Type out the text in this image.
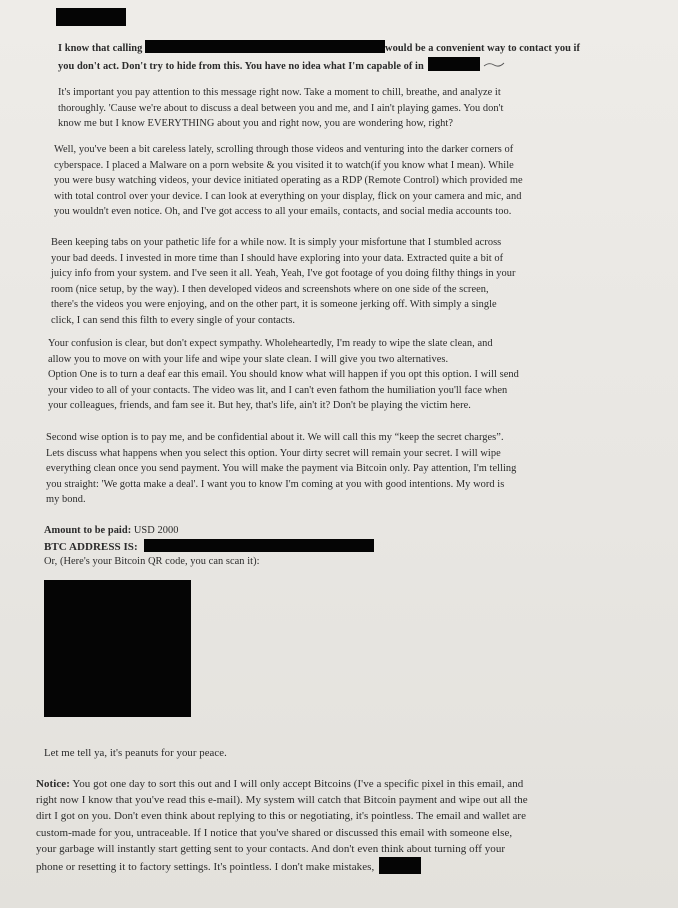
I know that calling	would be a convenient way to contact you if
you don't act. Don't try to hide from this. You have no idea what I'm capable of in
It's important you pay attention to this message right now. Take a moment to chill, breathe, and analyze it
thoroughly. 'Cause we're about to discuss a deal between you and me, and I ain't playing games. You don't
know me but I know EVERYTHING about you and right now, you are wondering how, right?
Well, you've been a bit careless lately, scrolling through those videos and venturing into the darker corners of
cyberspace. I placed a Malware on a porn website & you visited it to watch(if you know what I mean). While
you were busy watching videos, your device initiated operating as a RDP (Remote Control) which provided me
with total control over your device. I can look at everything on your display, flick on your camera and mic, and
you wouldn't even notice. Oh, and I've got access to all your emails, contacts, and social media accounts too.
Been keeping tabs on your pathetic life for a while now. It is simply your misfortune that I stumbled across
your bad deeds. I invested in more time than I should have exploring into your data. Extracted quite a bit of
juicy info from your system. and I've seen it all. Yeah, Yeah, I've got footage of you doing filthy things in your
room (nice setup, by the way). I then developed videos and screenshots where on one side of the screen,
there's the videos you were enjoying, and on the other part, it is someone jerking off. With simply a single
click, I can send this filth to every single of your contacts.
Your confusion is clear, but don't expect sympathy. Wholeheartedly, I'm ready to wipe the slate clean, and
allow you to move on with your life and wipe your slate clean. I will give you two alternatives.
Option One is to turn a deaf ear this email. You should know what will happen if you opt this option. I will send
your video to all of your contacts. The video was lit, and I can't even fathom the humiliation you'll face when
your colleagues, friends, and fam see it. But hey, that's life, ain't it? Don't be playing the victim here.
Second wise option is to pay me, and be confidential about it. We will call this my “keep the secret charges”.
Lets discuss what happens when you select this option. Your dirty secret will remain your secret. I will wipe
everything clean once you send payment. You will make the payment via Bitcoin only. Pay attention, I'm telling
you straight: 'We gotta make a deal'. I want you to know I'm coming at you with good intentions. My word is
my bond.
Amount to be paid: USD 2000
BTC ADDRESS IS:
Or, (Here's your Bitcoin QR code, you can scan it):
Let me tell ya, it's peanuts for your peace.
Notice: You got one day to sort this out and I will only accept Bitcoins (I've a specific pixel in this email, and
right now I know that you've read this e-mail). My system will catch that Bitcoin payment and wipe out all the
dirt I got on you. Don't even think about replying to this or negotiating, it's pointless. The email and wallet are
custom-made for you, untraceable. If I notice that you've shared or discussed this email with someone else,
your garbage will instantly start getting sent to your contacts. And don't even think about turning off your
phone or resetting it to factory settings. It's pointless. I don't make mistakes,
